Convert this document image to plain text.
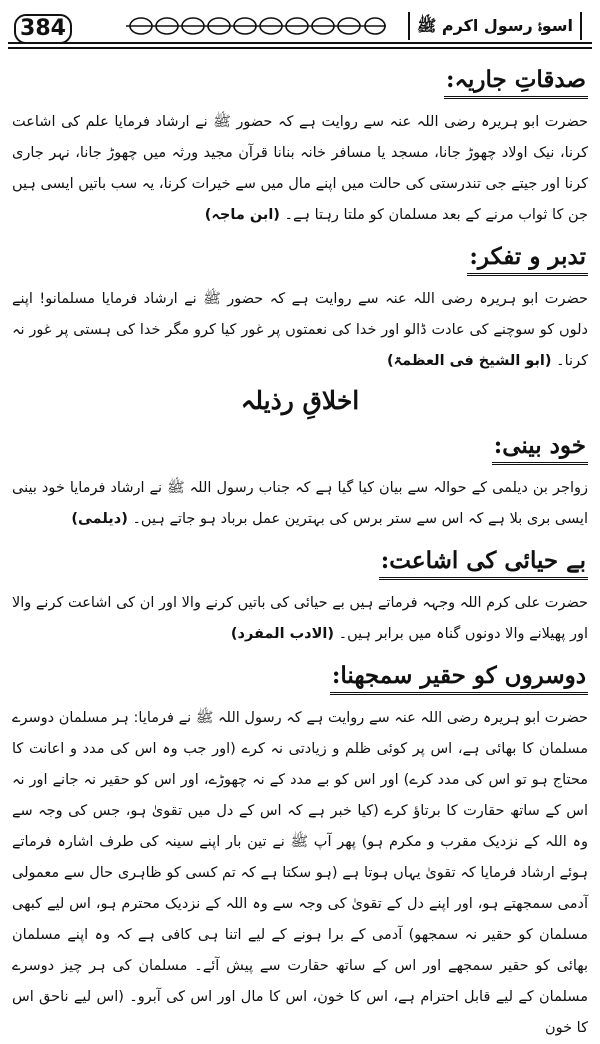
384	اسوۂ رسول اکرم ﷺ
صدقاتِ جاریہ:

حضرت ابو ہریرہ رضی اللہ عنہ سے روایت ہے کہ حضور ﷺ نے ارشاد فرمایا علم کی اشاعت کرنا، نیک اولاد چھوڑ جانا، مسجد یا مسافر خانہ بنانا قرآن مجید ورثہ میں چھوڑ جانا، نہر جاری کرنا اور جیتے جی تندرستی کی حالت میں اپنے مال میں سے خیرات کرنا، یہ سب باتیں ایسی ہیں جن کا ثواب مرنے کے بعد مسلمان کو ملتا رہتا ہے۔ (ابن ماجہ)

تدبر و تفکر:

حضرت ابو ہریرہ رضی اللہ عنہ سے روایت ہے کہ حضور ﷺ نے ارشاد فرمایا مسلمانو! اپنے دلوں کو سوچنے کی عادت ڈالو اور خدا کی نعمتوں پر غور کیا کرو مگر خدا کی ہستی پر غور نہ کرنا۔ (ابو الشیخ فی العظمۃ)

اخلاقِ رذیلہ
خود بینی:

زواجر بن دیلمی کے حوالہ سے بیان کیا گیا ہے کہ جناب رسول اللہ ﷺ نے ارشاد فرمایا خود بینی ایسی بری بلا ہے کہ اس سے ستر برس کی بہترین عمل برباد ہو جاتے ہیں۔ (دیلمی)

بے حیائی کی اشاعت:

حضرت علی کرم اللہ وجہہ فرماتے ہیں بے حیائی کی باتیں کرنے والا اور ان کی اشاعت کرنے والا اور پھیلانے والا دونوں گناہ میں برابر ہیں۔ (الادب المفرد)

دوسروں کو حقیر سمجھنا:

حضرت ابو ہریرہ رضی اللہ عنہ سے روایت ہے کہ رسول اللہ ﷺ نے فرمایا: ہر مسلمان دوسرے مسلمان کا بھائی ہے، اس پر کوئی ظلم و زیادتی نہ کرے (اور جب وہ اس کی مدد و اعانت کا محتاج ہو تو اس کی مدد کرے) اور اس کو بے مدد کے نہ چھوڑے، اور اس کو حقیر نہ جانے اور نہ اس کے ساتھ حقارت کا برتاؤ کرے (کیا خبر ہے کہ اس کے دل میں تقویٰ ہو، جس کی وجہ سے وہ اللہ کے نزدیک مقرب و مکرم ہو) پھر آپ ﷺ نے تین بار اپنے سینہ کی طرف اشارہ فرماتے ہوئے ارشاد فرمایا کہ تقویٰ یہاں ہوتا ہے (ہو سکتا ہے کہ تم کسی کو ظاہری حال سے معمولی آدمی سمجھتے ہو، اور اپنے دل کے تقویٰ کی وجہ سے وہ اللہ کے نزدیک محترم ہو، اس لیے کبھی مسلمان کو حقیر نہ سمجھو) آدمی کے برا ہونے کے لیے اتنا ہی کافی ہے کہ وہ اپنے مسلمان بھائی کو حقیر سمجھے اور اس کے ساتھ حقارت سے پیش آئے۔ مسلمان کی ہر چیز دوسرے مسلمان کے لیے قابل احترام ہے، اس کا خون، اس کا مال اور اس کی آبرو۔ (اس لیے ناحق اس کا خون
